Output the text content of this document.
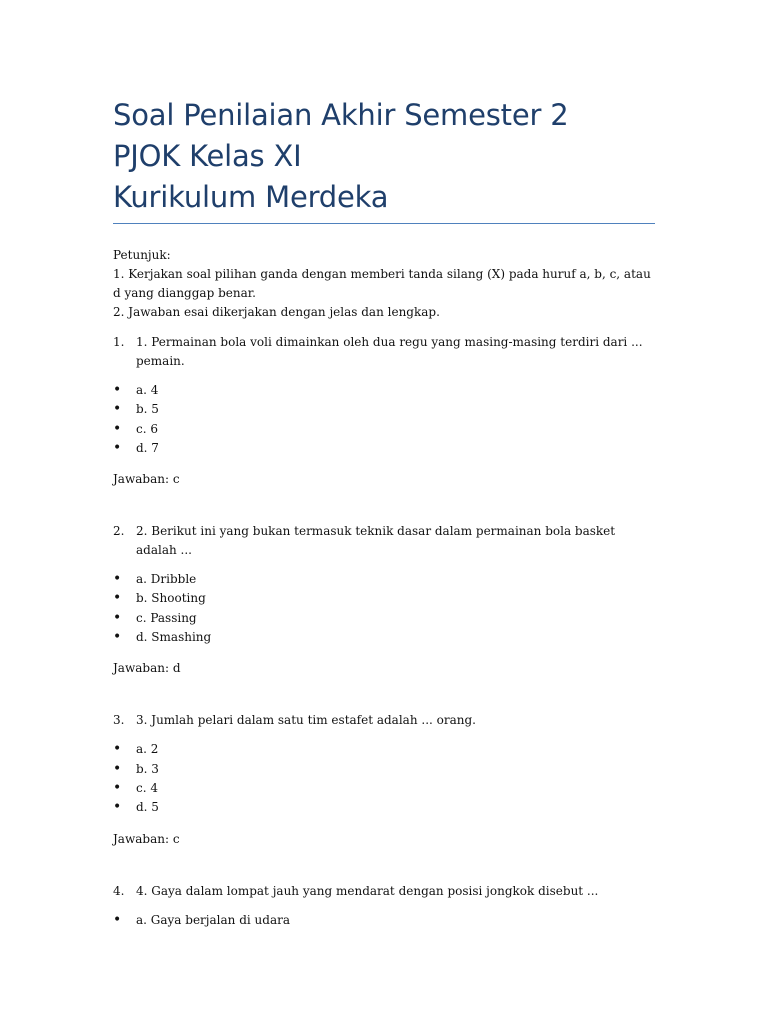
Soal Penilaian Akhir Semester 2
PJOK Kelas XI
Kurikulum Merdeka
Petunjuk:
1. Kerjakan soal pilihan ganda dengan memberi tanda silang (X) pada huruf a, b, c, atau d yang dianggap benar.
2. Jawaban esai dikerjakan dengan jelas dan lengkap.
1. 1. Permainan bola voli dimainkan oleh dua regu yang masing-masing terdiri dari ... pemain.
•	a. 4
•	b. 5
•	c. 6
•	d. 7
Jawaban: c
2. 2. Berikut ini yang bukan termasuk teknik dasar dalam permainan bola basket adalah ...
•	a. Dribble
•	b. Shooting
•	c. Passing
•	d. Smashing
Jawaban: d
3. 3. Jumlah pelari dalam satu tim estafet adalah ... orang.
•	a. 2
•	b. 3
•	c. 4
•	d. 5
Jawaban: c
4. 4. Gaya dalam lompat jauh yang mendarat dengan posisi jongkok disebut ...
•	a. Gaya berjalan di udara
